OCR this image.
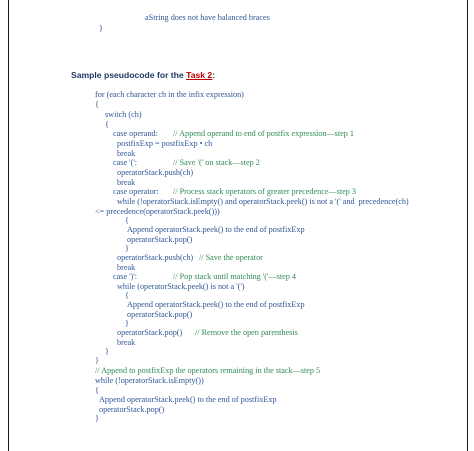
aString does not have balanced braces
}
Sample pseudocode for the Task 2:
for (each character ch in the infix expression)
{
switch (ch)
{
case operand: // Append operand to end of postfix expression—step 1
postfixExp = postfixExp • ch
break
case '(':	// Save '(' on stack—step 2
operatorStack.push(ch)
break
case operator: // Process stack operators of greater precedence—step 3
while (!operatorStack.isEmpty() and operatorStack.peek() is not a '(' and  precedence(ch)
<= precedence(operatorStack.peek()))
{
Append operatorStack.peek() to the end of postfixExp
operatorStack.pop()
}
operatorStack.push(ch) // Save the operator
break
case ')':	// Pop stack until matching '('—step 4
while (operatorStack.peek() is not a '(')
{
Append operatorStack.peek() to the end of postfixExp
operatorStack.pop()
}
operatorStack.pop() // Remove the open parenthesis
break
}
}
// Append to postfixExp the operators remaining in the stack—step 5
while (!operatorStack.isEmpty())
{
Append operatorStack.peek() to the end of postfixExp
operatorStack.pop()
}
